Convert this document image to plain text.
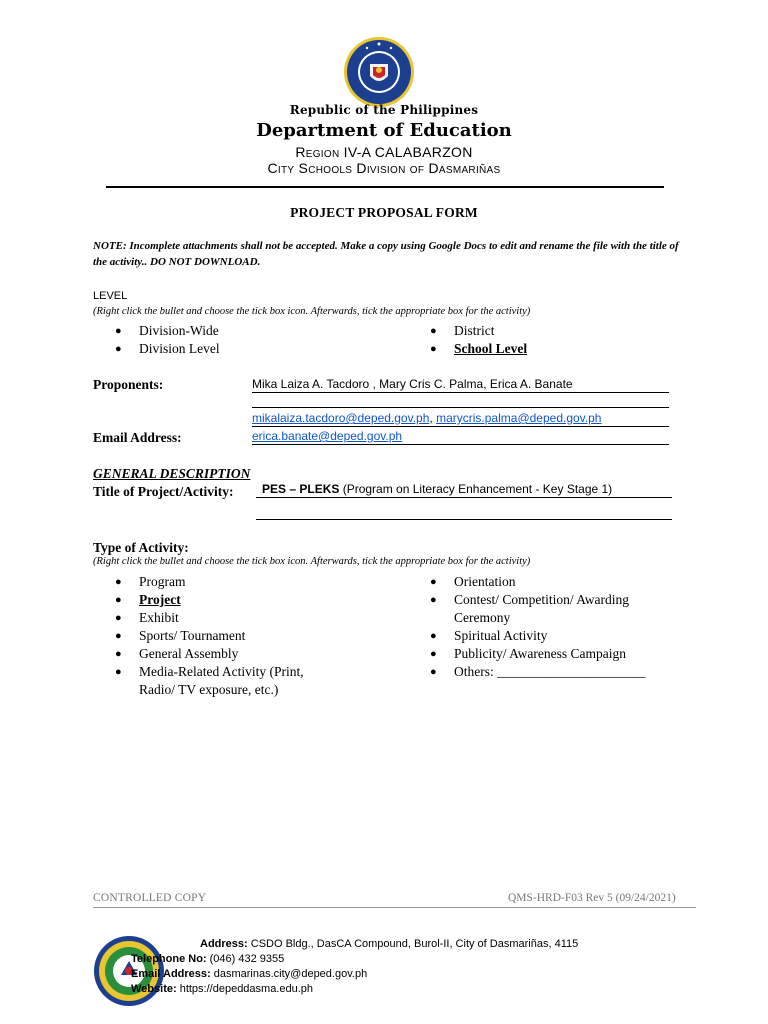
Republic of the Philippines
Department of Education
Region IV-A CALABARZON
City Schools Division of Dasmariñas
PROJECT PROPOSAL FORM
NOTE: Incomplete attachments shall not be accepted. Make a copy using Google Docs to edit and rename the file with the title of the activity.. DO NOT DOWNLOAD.
LEVEL
(Right click the bullet and choose the tick box icon. Afterwards, tick the appropriate box for the activity)
●	Division-Wide
●	Division Level
●	District
●	School Level
Proponents:	Mika Laiza A. Tacdoro , Mary Cris C. Palma, Erica A. Banate
Email Address:
mikalaiza.tacdoro@deped.gov.ph, marycris.palma@deped.gov.ph
erica.banate@deped.gov.ph
GENERAL DESCRIPTION
Title of Project/Activity:	PES – PLEKS (Program on Literacy Enhancement - Key Stage 1)
Type of Activity:
(Right click the bullet and choose the tick box icon. Afterwards, tick the appropriate box for the activity)
●	Program
●	Project
●	Exhibit
●	Sports/ Tournament
●	General Assembly
●	Media-Related Activity (Print,
Radio/ TV exposure, etc.)
●	Orientation
●	Contest/ Competition/ Awarding
Ceremony
●	Spiritual Activity
●	Publicity/ Awareness Campaign
●	Others: ______________________
CONTROLLED COPY	QMS-HRD-F03 Rev 5 (09/24/2021)
Address: CSDO Bldg., DasCA Compound, Burol-II, City of Dasmariñas, 4115
Telephone No: (046) 432 9355
Email Address: dasmarinas.city@deped.gov.ph
Website: https://depeddasma.edu.ph
